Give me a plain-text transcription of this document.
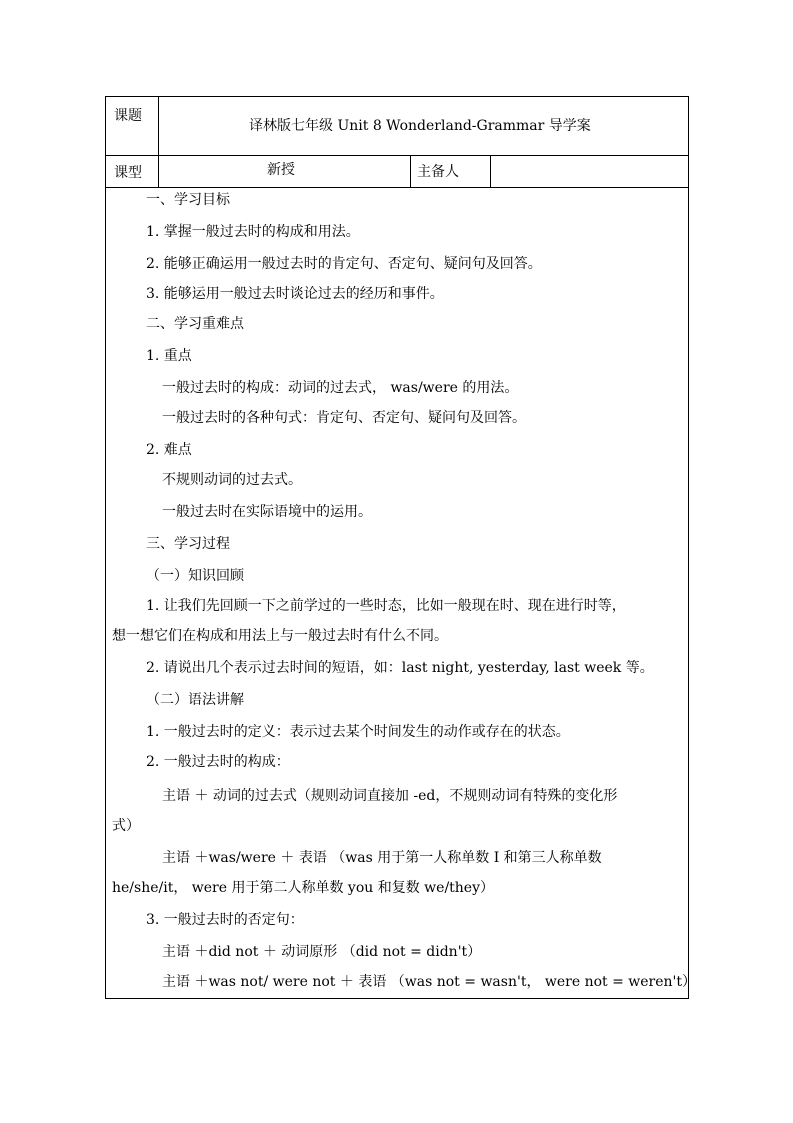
课题
译林版七年级 Unit 8 Wonderland-Grammar 导学案
课型	新授	主备人
一、学习目标
1. 掌握一般过去时的构成和用法。
2. 能够正确运用一般过去时的肯定句、否定句、疑问句及回答。
3. 能够运用一般过去时谈论过去的经历和事件。
二、学习重难点
1. 重点
一般过去时的构成：动词的过去式， was/were 的用法。
一般过去时的各种句式：肯定句、否定句、疑问句及回答。
2. 难点
不规则动词的过去式。
一般过去时在实际语境中的运用。
三、学习过程
（一）知识回顾
1. 让我们先回顾一下之前学过的一些时态，比如一般现在时、现在进行时等，
想一想它们在构成和用法上与一般过去时有什么不同。
2. 请说出几个表示过去时间的短语，如：last night, yesterday, last week 等。
（二）语法讲解
1. 一般过去时的定义：表示过去某个时间发生的动作或存在的状态。
2. 一般过去时的构成：
主语 ＋ 动词的过去式（规则动词直接加 -ed，不规则动词有特殊的变化形
式）
主语 ＋was/were ＋ 表语 （was 用于第一人称单数 I 和第三人称单数
he/she/it， were 用于第二人称单数 you 和复数 we/they）
3. 一般过去时的否定句：
主语 ＋did not ＋ 动词原形 （did not = didn't）
主语 ＋was not/ were not ＋ 表语 （was not = wasn't， were not = weren't）
